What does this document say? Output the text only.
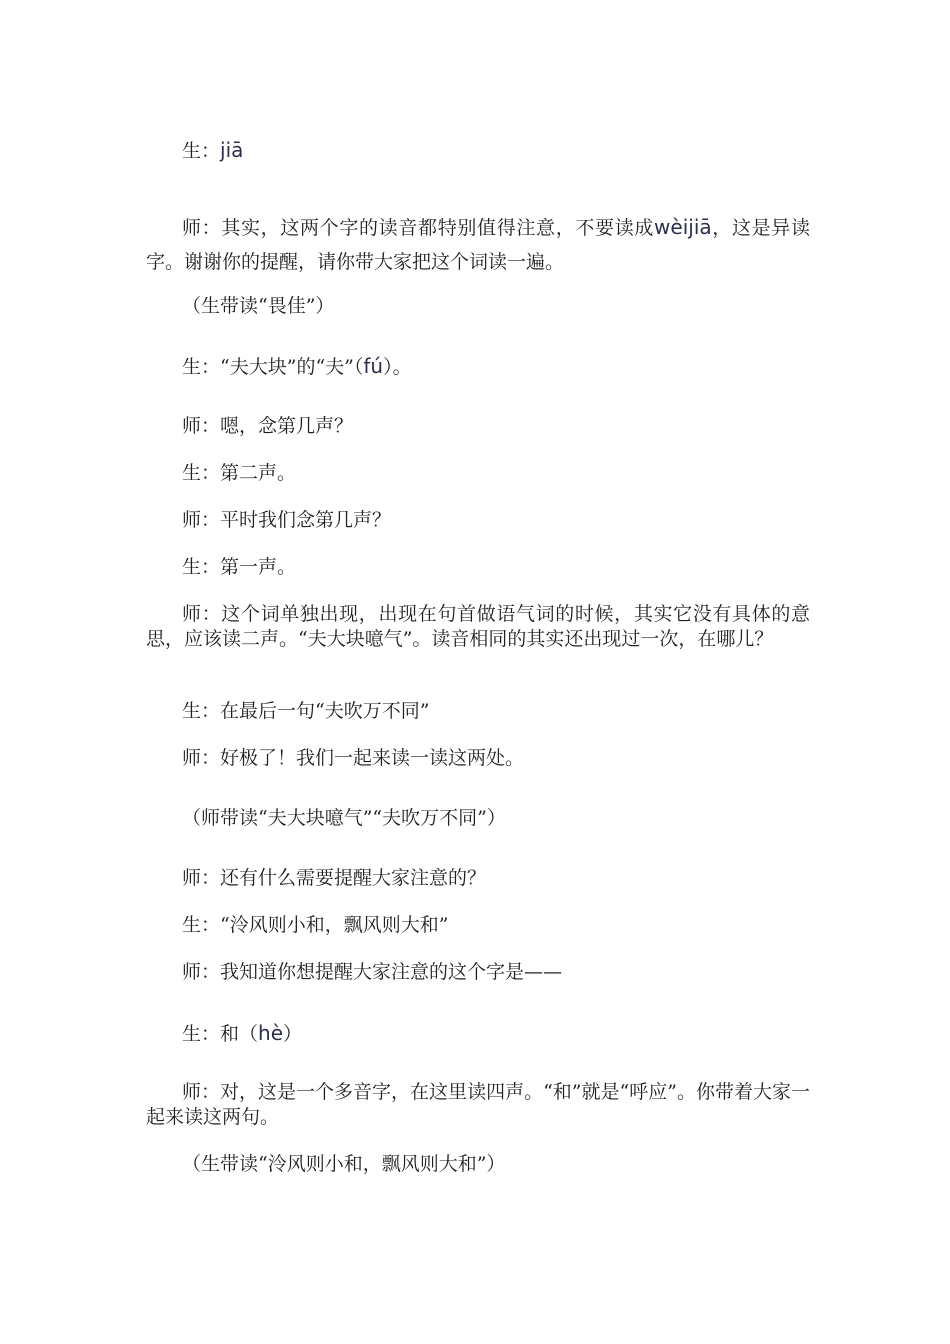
生：jiā

师：其实，这两个字的读音都特别值得注意，不要读成wèijiā，这是异读字。谢谢你的提醒，请你带大家把这个词读一遍。

（生带读“畏佳”）

生：“夫大块”的“夫”（fú）。

师：嗯，念第几声？

生：第二声。

师：平时我们念第几声？

生：第一声。

师：这个词单独出现，出现在句首做语气词的时候，其实它没有具体的意思，应该读二声。“夫大块噫气”。读音相同的其实还出现过一次，在哪儿？

生：在最后一句“夫吹万不同”

师：好极了！我们一起来读一读这两处。

（师带读“夫大块噫气”“夫吹万不同”）

师：还有什么需要提醒大家注意的？

生：“泠风则小和，飘风则大和”

师：我知道你想提醒大家注意的这个字是——

生：和（hè）

师：对，这是一个多音字，在这里读四声。“和”就是“呼应”。你带着大家一起来读这两句。

（生带读“泠风则小和，飘风则大和”）
